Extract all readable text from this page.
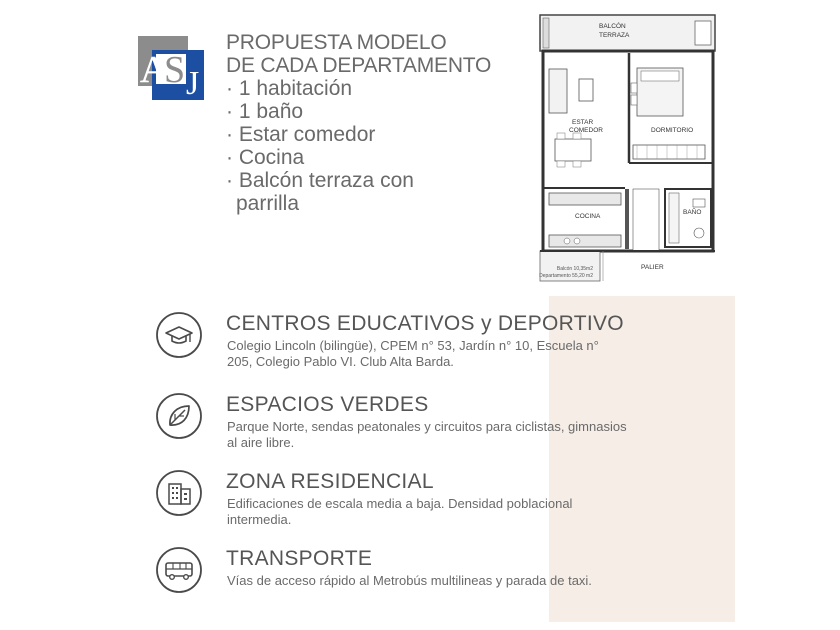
A
S J
PROPUESTA MODELO
DE CADA DEPARTAMENTO
· 1 habitación
· 1 baño
· Estar comedor
· Cocina
· Balcón terraza con
parrilla
BALCÓN
TERRAZA
ESTAR
COMEDOR	DORMITORIO
COCINA
BAÑO
PALIER
Balcón 10,35m2
Departamento 55,20 m2
CENTROS EDUCATIVOS y DEPORTIVO
Colegio Lincoln (bilingüe), CPEM n° 53, Jardín n° 10, Escuela n° 205, Colegio Pablo VI. Club Alta Barda.
ESPACIOS VERDES
Parque Norte, sendas peatonales y circuitos para ciclistas, gimnasios al aire libre.
ZONA RESIDENCIAL
Edificaciones de escala media a baja. Densidad poblacional intermedia.
TRANSPORTE
Vías de acceso rápido al Metrobús multilineas y parada de taxi.
